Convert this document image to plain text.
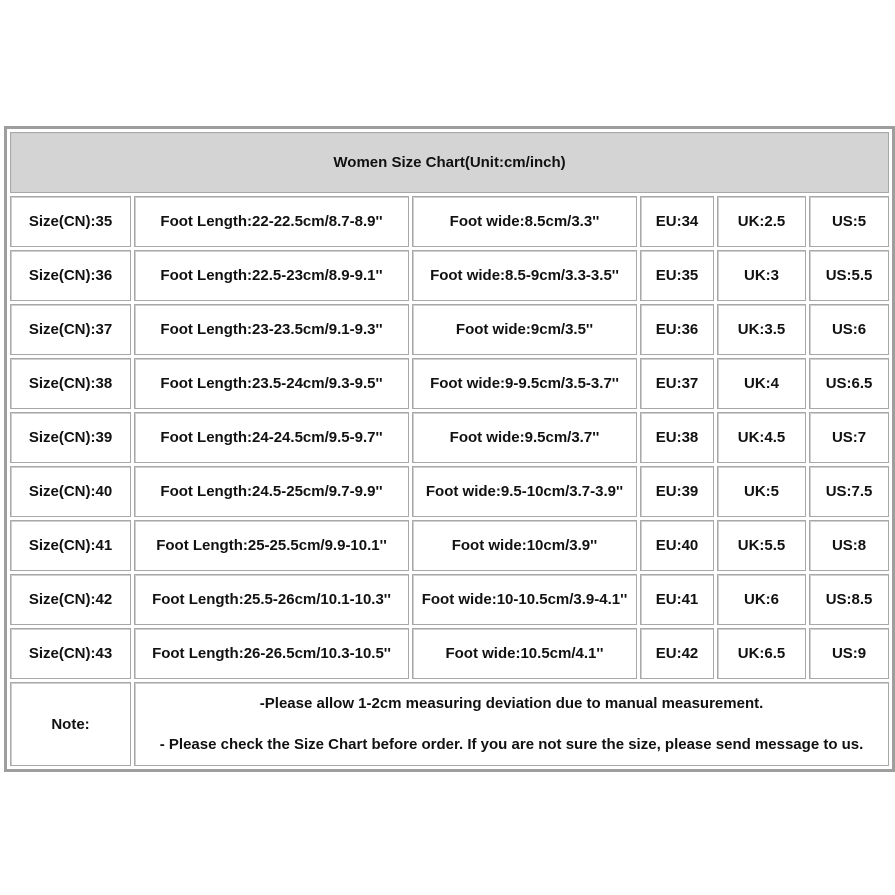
Women Size Chart(Unit:cm/inch)					
Size(CN):35	Foot Length:22-22.5cm/8.7-8.9''	Foot wide:8.5cm/3.3''	EU:34	UK:2.5	US:5
Size(CN):36	Foot Length:22.5-23cm/8.9-9.1''	Foot wide:8.5-9cm/3.3-3.5''	EU:35	UK:3	US:5.5
Size(CN):37	Foot Length:23-23.5cm/9.1-9.3''	Foot wide:9cm/3.5''	EU:36	UK:3.5	US:6
Size(CN):38	Foot Length:23.5-24cm/9.3-9.5''	Foot wide:9-9.5cm/3.5-3.7''	EU:37	UK:4	US:6.5
Size(CN):39	Foot Length:24-24.5cm/9.5-9.7''	Foot wide:9.5cm/3.7''	EU:38	UK:4.5	US:7
Size(CN):40	Foot Length:24.5-25cm/9.7-9.9''	Foot wide:9.5-10cm/3.7-3.9''	EU:39	UK:5	US:7.5
Size(CN):41	Foot Length:25-25.5cm/9.9-10.1''	Foot wide:10cm/3.9''	EU:40	UK:5.5	US:8
Size(CN):42	Foot Length:25.5-26cm/10.1-10.3''	Foot wide:10-10.5cm/3.9-4.1''	EU:41	UK:6	US:8.5
Size(CN):43	Foot Length:26-26.5cm/10.3-10.5''	Foot wide:10.5cm/4.1''	EU:42	UK:6.5	US:9
Note:	-Please allow 1-2cm measuring deviation due to manual measurement.
- Please check the Size Chart before order. If you are not sure the size, please send message to us.				
